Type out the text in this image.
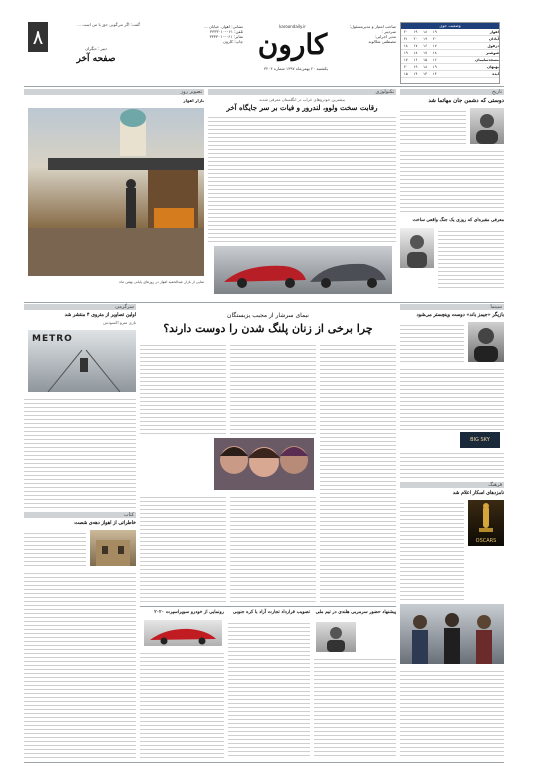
وضعیت جوی
۲۰	۱۹	۱۸	۱۹	اهواز
۲۱	۲۰	۱۹	۲۰	آبادان
۱۸	۱۷	۱۶	۱۷	دزفول
۱۹	۱۸	۱۷	۱۸	شوشتر
۱۷	۱۶	۱۵	۱۶	مسجدسلیمان
۲۰	۱۹	۱۸	۱۹	بهبهان
۱۵	۱۴	۱۳	۱۴	ایذه
صاحب امتیاز و مدیرمسئول:
سردبیر :
مدیر اجرایی:
مصطفی شلالوند
karoondaily.ir
کارون
یکشنبه ۲۰ بهمن‌ماه ۱۳۹۷ شماره ۳۲۰۴
نشانی: اهواز، خیابان ...
تلفن: ۰۶۱-۳۳۳۳۰۱۰
نمابر: ۰۶۱-۳۳۳۳۰۱۰
چاپ: کارون
گفت: اگر می‌گویی حق با من است ...
دبیر : دیگران
صفحه آخر
۸
تاریخ
تکنولوژی
تصویر روز
دوستی که دشمن جان مهاتما شد
معرفی مقبره‌ای که روزی یک جنگ واقعی ساخت
بیشترین خودروهای خراب در انگلستان معرفی شدند
رقابت سخت ولوو، لندرور و فیات بر سر جایگاه آخر
بازار اهواز
نمایی از بازار عبدالحمید اهواز در روزهای پایانی بهمن ماه
سینما
سرگرمی
بازیگر «جیمز باند» دوست وینچستر می‌شود
BIG SKY
فرهنگ
نامزدهای اسکار اعلام شد
OSCARS
نیمای سرشار از مجیب یزبستگان
چرا برخی از زنان پلنگ شدن را دوست دارند؟
اولین تصاویر از متروی ۴ منتشر شد
بازی مترو اکسودس
METRO
کتاب
خاطراتی از اهواز دهه‌ی شصت
پیشنهاد حضور سرمربی هلندی در تیم ملی
تصویب قرارداد تجارت آزاد با کره جنوبی
رونمایی از خودرو سوپراسپرت ۲۰۲۰
